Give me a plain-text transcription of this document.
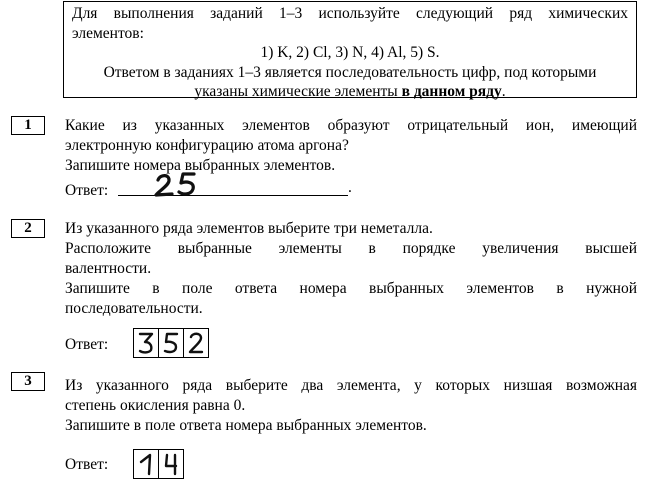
Для выполнения заданий 1–3 используйте следующий ряд химических
элементов:
1) K, 2) Cl, 3) N, 4) Al, 5) S.
Ответом в заданиях 1–3 является последовательность цифр, под которыми
указаны химические элементы в данном ряду.
1	Какие из указанных элементов образуют отрицательный ион, имеющий
электронную конфигурацию атома аргона?
Запишите номера выбранных элементов.
Ответ:	.
2	Из указанного ряда элементов выберите три неметалла.
Расположите выбранные элементы в порядке увеличения высшей
валентности.
Запишите в поле ответа номера выбранных элементов в нужной
последовательности.
Ответ:
3	Из указанного ряда выберите два элемента, у которых низшая возможная
степень окисления равна 0.
Запишите в поле ответа номера выбранных элементов.
Ответ:
